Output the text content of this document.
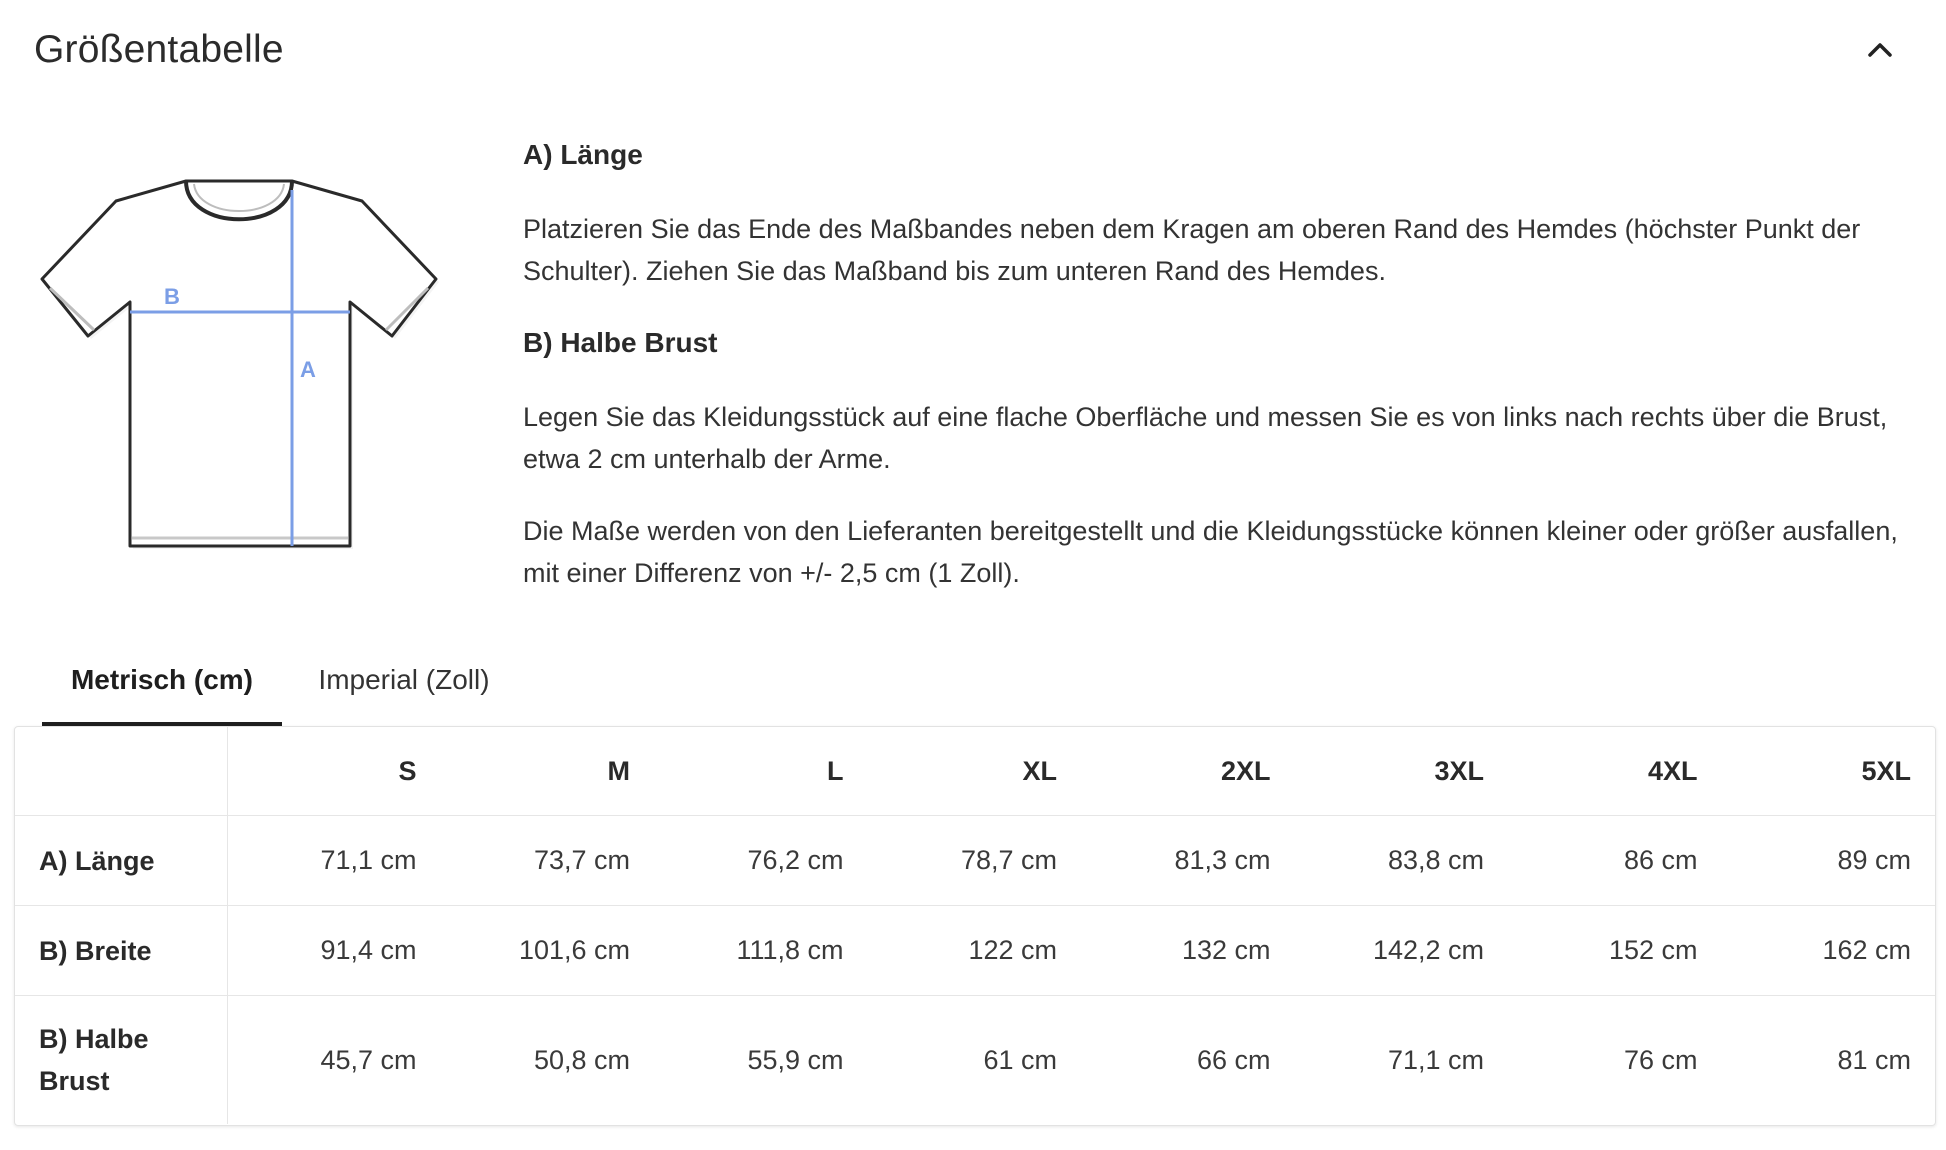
Größentabelle
B
A
A) Länge

Platzieren Sie das Ende des Maßbandes neben dem Kragen am oberen Rand des Hemdes (höchster Punkt der Schulter). Ziehen Sie das Maßband bis zum unteren Rand des Hemdes.

B) Halbe Brust

Legen Sie das Kleidungsstück auf eine flache Oberfläche und messen Sie es von links nach rechts über die Brust, etwa 2 cm unterhalb der Arme.

Die Maße werden von den Lieferanten bereitgestellt und die Kleidungsstücke können kleiner oder größer ausfallen, mit einer Differenz von +/- 2,5 cm (1 Zoll).

Metrisch (cm)	Imperial (Zoll)
	S	M	L	XL	2XL	3XL	4XL	5XL
A) Länge	71,1 cm	73,7 cm	76,2 cm	78,7 cm	81,3 cm	83,8 cm	86 cm	89 cm
B) Breite	91,4 cm	101,6 cm	111,8 cm	122 cm	132 cm	142,2 cm	152 cm	162 cm
B) Halbe Brust	45,7 cm	50,8 cm	55,9 cm	61 cm	66 cm	71,1 cm	76 cm	81 cm
